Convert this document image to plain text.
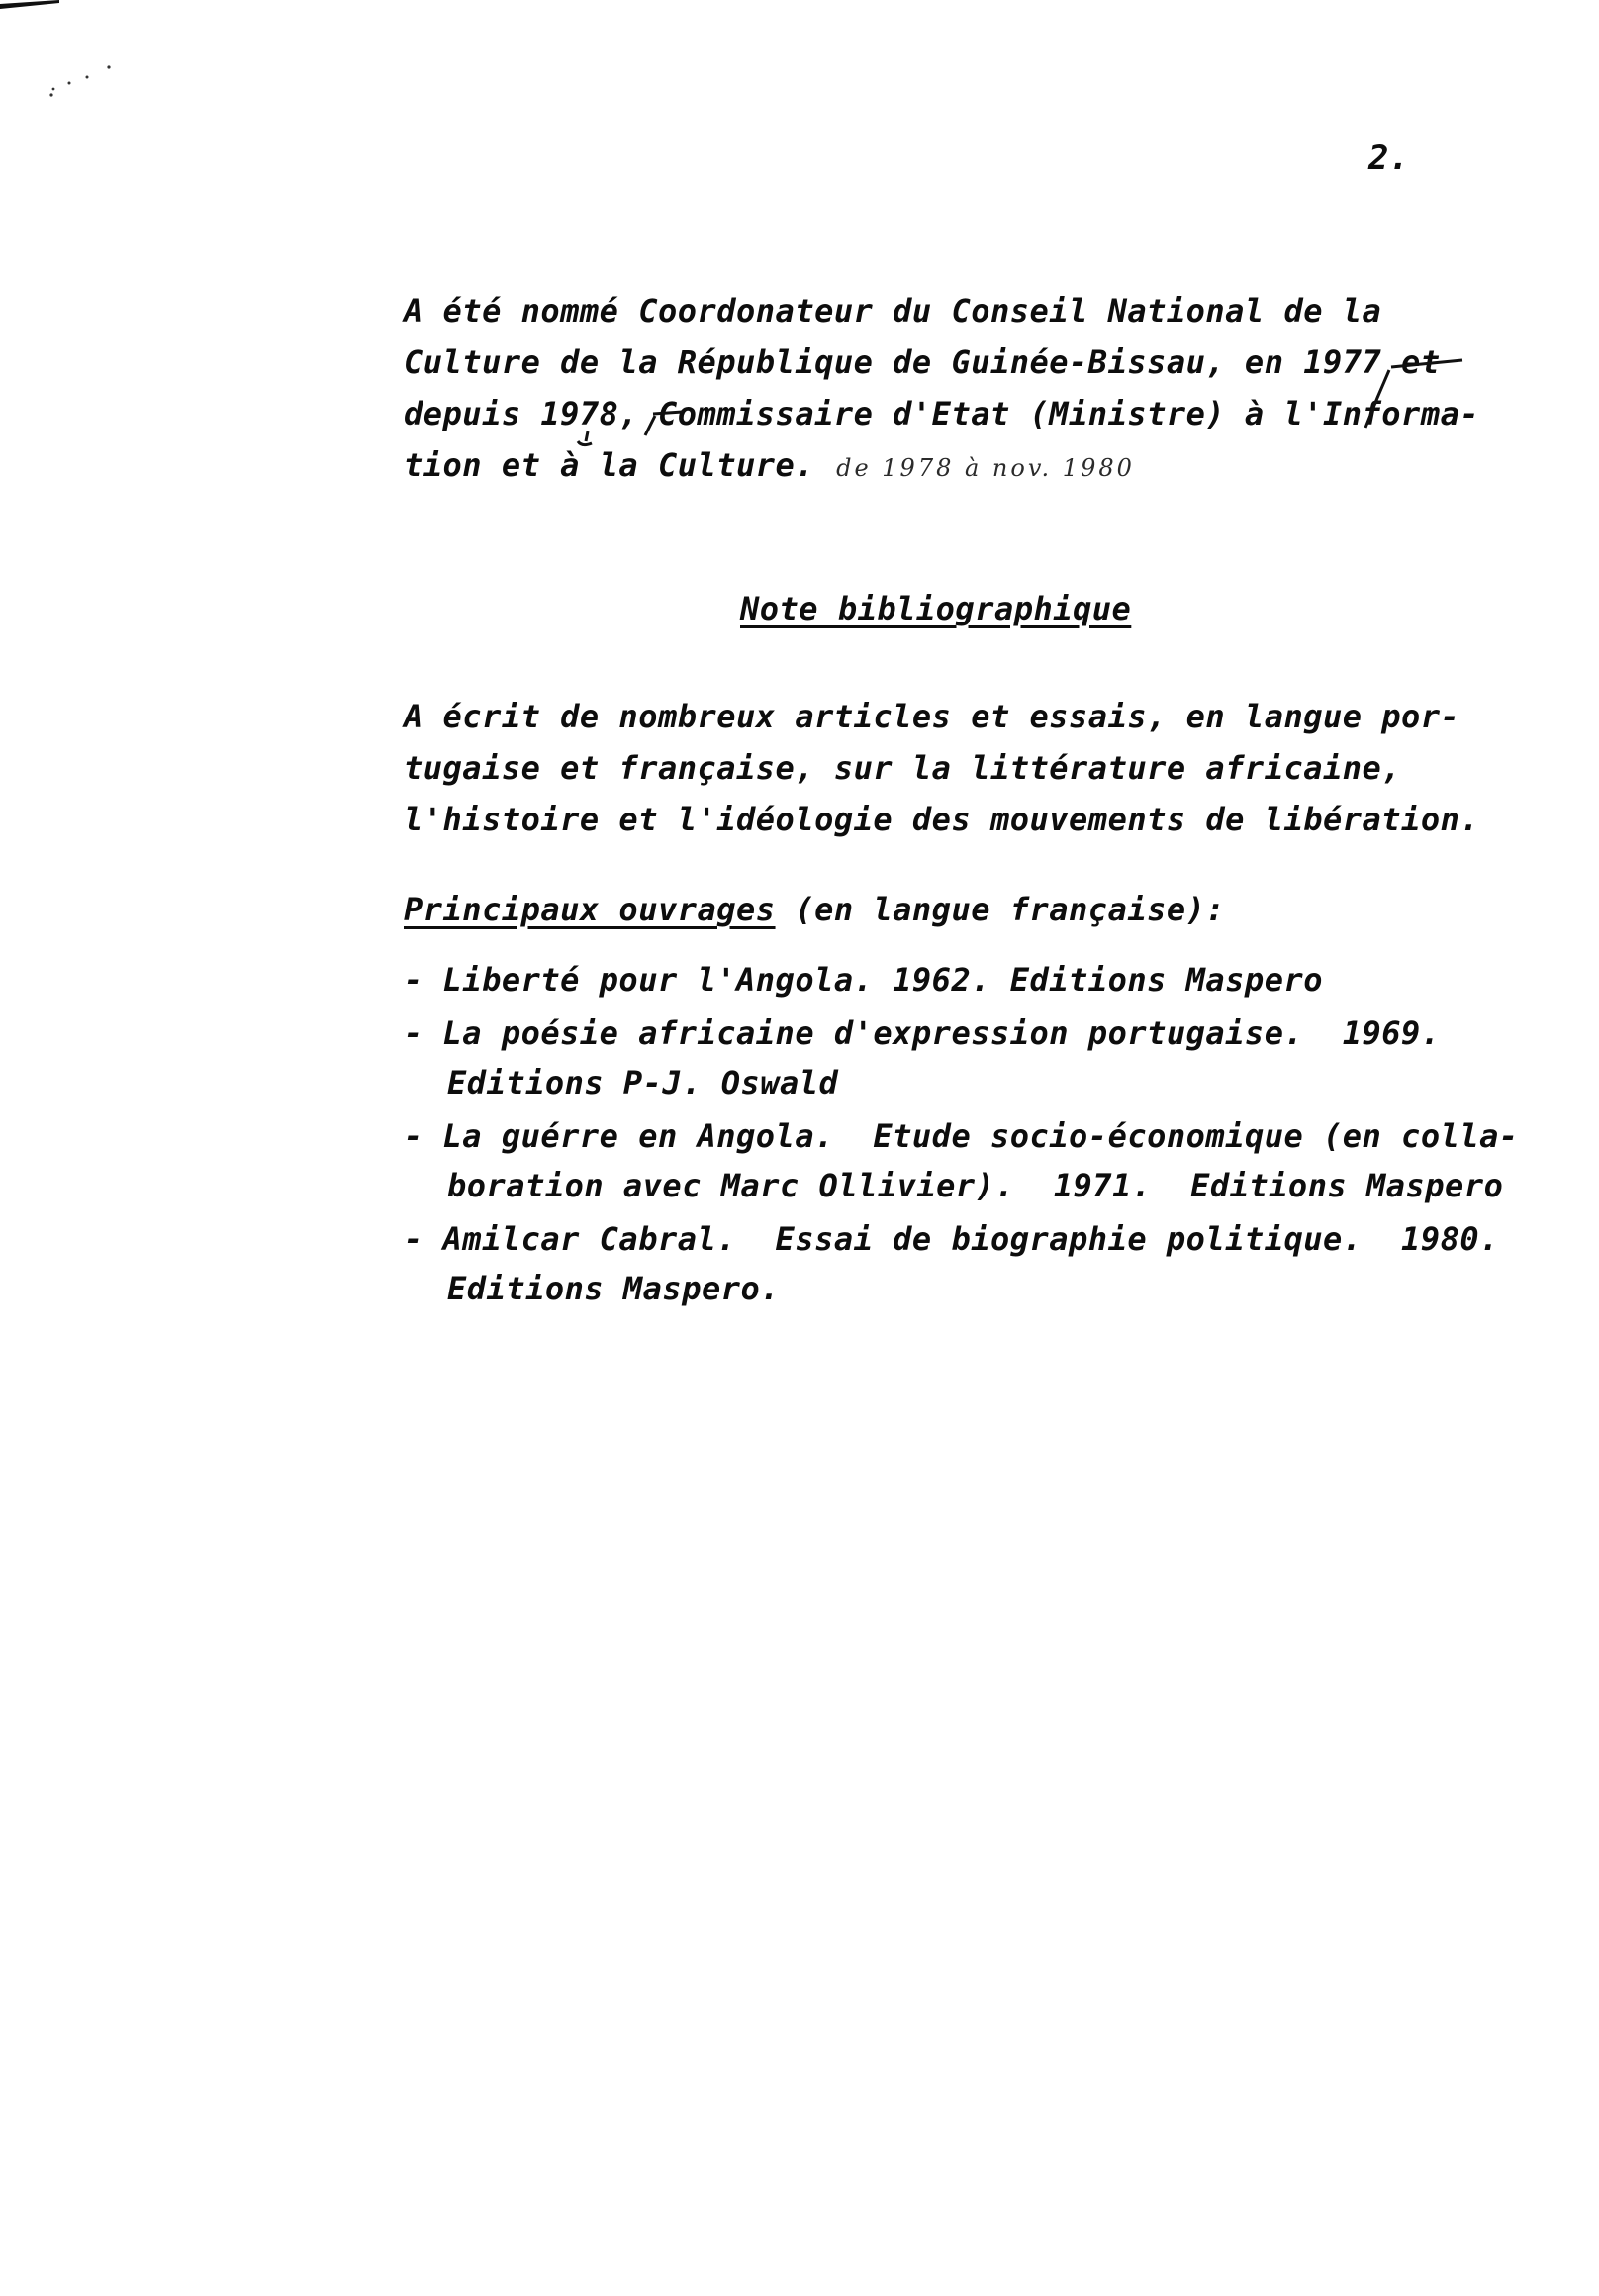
2.
A été nommé Coordonateur du Conseil National de la
Culture de la République de Guinée-Bissau, en 1977 et
depuis 1978, Commissaire d'Etat (Ministre) à l'Informa-
tion et à la Culture. de 1978 à nov. 1980
Note bibliographique
A écrit de nombreux articles et essais, en langue por-
tugaise et française, sur la littérature africaine,
l'histoire et l'idéologie des mouvements de libération.
Principaux ouvrages (en langue française):
- Liberté pour l'Angola. 1962. Editions Maspero
- La poésie africaine d'expression portugaise.  1969.
Editions P-J. Oswald
- La guérre en Angola.  Etude socio-économique (en colla-
boration avec Marc Ollivier).  1971.  Editions Maspero
- Amilcar Cabral.  Essai de biographie politique.  1980.
Editions Maspero.
